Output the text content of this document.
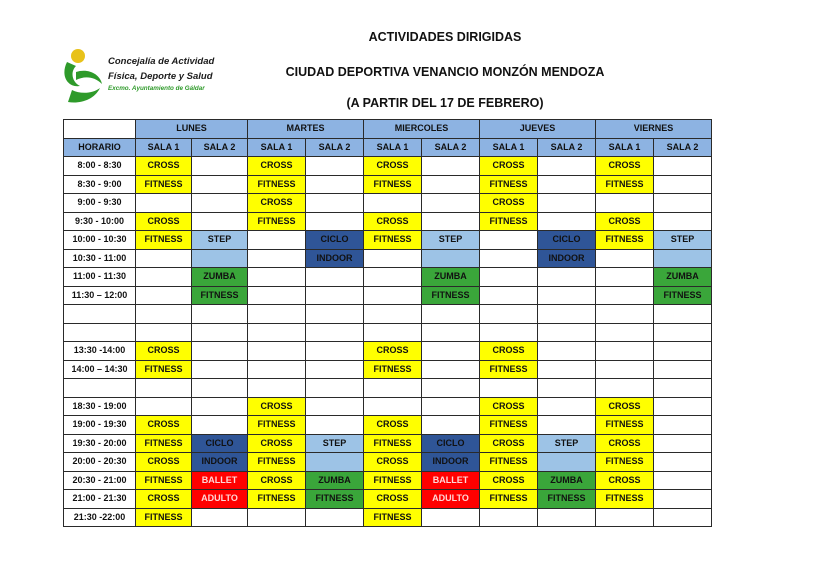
Concejalía de Actividad
Física, Deporte y Salud
Excmo. Ayuntamiento de Gáldar
ACTIVIDADES DIRIGIDAS
CIUDAD DEPORTIVA VENANCIO MONZÓN MENDOZA
(A PARTIR DEL 17 DE FEBRERO)
	LUNES		MARTES		MIERCOLES		JUEVES		VIERNES	
HORARIO	SALA 1	SALA 2	SALA 1	SALA 2	SALA 1	SALA 2	SALA 1	SALA 2	SALA 1	SALA 2
8:00 - 8:30	CROSS		CROSS		CROSS		CROSS		CROSS	
8:30 - 9:00	FITNESS		FITNESS		FITNESS		FITNESS		FITNESS	
9:00 - 9:30			CROSS				CROSS			
9:30 - 10:00	CROSS		FITNESS		CROSS		FITNESS		CROSS	
10:00 - 10:30	FITNESS	STEP		CICLO	FITNESS	STEP		CICLO	FITNESS	STEP
10:30 - 11:00				INDOOR				INDOOR		
11:00 - 11:30		ZUMBA				ZUMBA				ZUMBA
11:30 – 12:00		FITNESS				FITNESS				FITNESS

13:30 -14:00	CROSS				CROSS		CROSS			
14:00 – 14:30	FITNESS				FITNESS		FITNESS			

18:30 - 19:00			CROSS				CROSS		CROSS	
19:00 - 19:30	CROSS		FITNESS		CROSS		FITNESS		FITNESS	
19:30 - 20:00	FITNESS	CICLO	CROSS	STEP	FITNESS	CICLO	CROSS	STEP	CROSS	
20:00 - 20:30	CROSS	INDOOR	FITNESS		CROSS	INDOOR	FITNESS		FITNESS	
20:30 - 21:00	FITNESS	BALLET	CROSS	ZUMBA	FITNESS	BALLET	CROSS	ZUMBA	CROSS	
21:00 - 21:30	CROSS	ADULTO	FITNESS	FITNESS	CROSS	ADULTO	FITNESS	FITNESS	FITNESS	
21:30 -22:00	FITNESS				FITNESS					
